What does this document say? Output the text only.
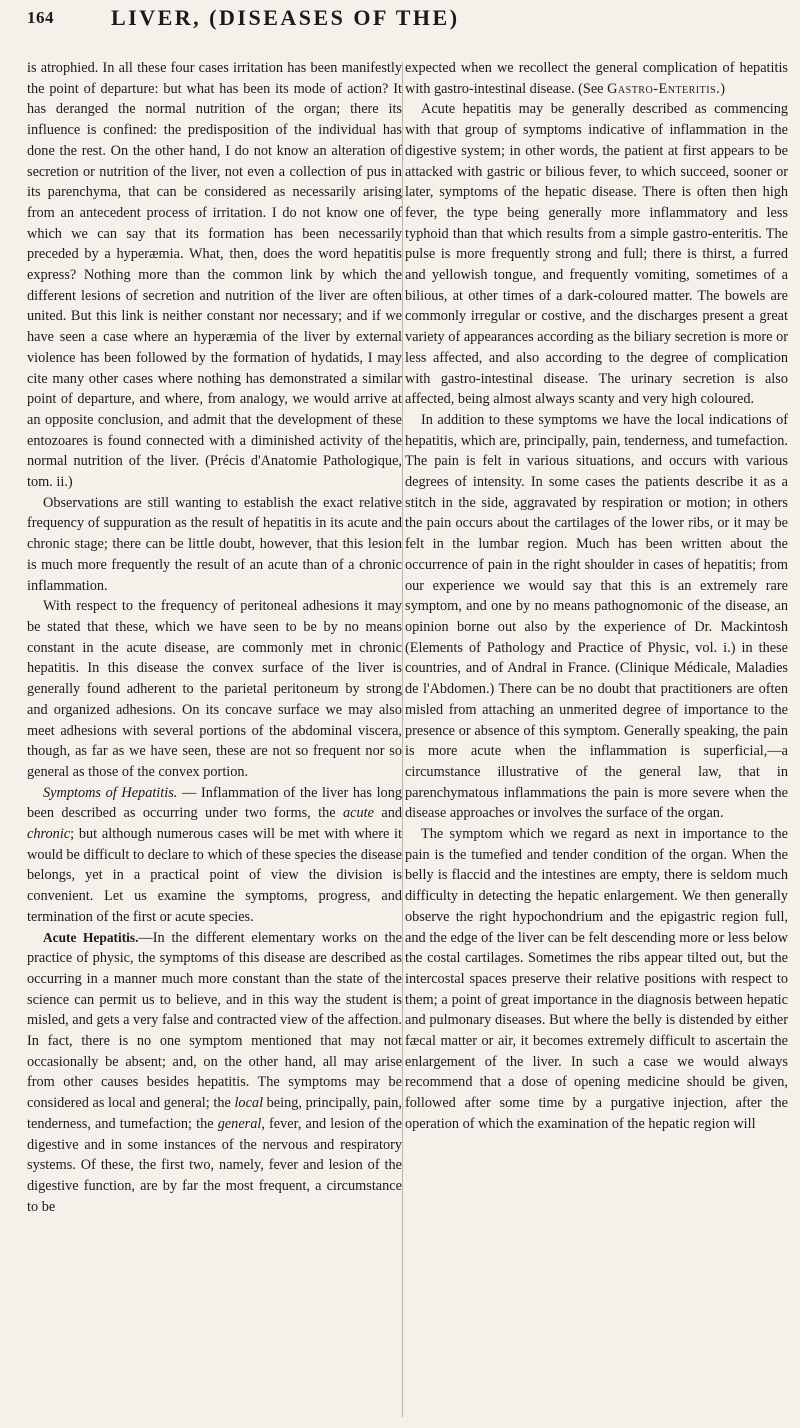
164	LIVER, (DISEASES OF THE)

is atrophied. In all these four cases irritation has been manifestly the point of departure: but what has been its mode of action? It has deranged the normal nutrition of the organ; there its influence is confined: the predisposition of the individual has done the rest. On the other hand, I do not know an alteration of secretion or nutrition of the liver, not even a collection of pus in its parenchyma, that can be considered as necessarily arising from an antecedent process of irritation. I do not know one of which we can say that its formation has been necessarily preceded by a hyperæmia. What, then, does the word hepatitis express? Nothing more than the common link by which the different lesions of secretion and nutrition of the liver are often united. But this link is neither constant nor necessary; and if we have seen a case where an hyperæmia of the liver by external violence has been followed by the formation of hydatids, I may cite many other cases where nothing has demonstrated a similar point of departure, and where, from analogy, we would arrive at an opposite conclusion, and admit that the development of these entozoares is found connected with a diminished activity of the normal nutrition of the liver. (Précis d'Anatomie Pathologique, tom. ii.)

Observations are still wanting to establish the exact relative frequency of suppuration as the result of hepatitis in its acute and chronic stage; there can be little doubt, however, that this lesion is much more frequently the result of an acute than of a chronic inflammation.

With respect to the frequency of peritoneal adhesions it may be stated that these, which we have seen to be by no means constant in the acute disease, are commonly met in chronic hepatitis. In this disease the convex surface of the liver is generally found adherent to the parietal peritoneum by strong and organized adhesions. On its concave surface we may also meet adhesions with several portions of the abdominal viscera, though, as far as we have seen, these are not so frequent nor so general as those of the convex portion.

Symptoms of Hepatitis. — Inflammation of the liver has long been described as occurring under two forms, the acute and chronic; but although numerous cases will be met with where it would be difficult to declare to which of these species the disease belongs, yet in a practical point of view the division is convenient. Let us examine the symptoms, progress, and termination of the first or acute species.

Acute Hepatitis.—In the different elementary works on the practice of physic, the symptoms of this disease are described as occurring in a manner much more constant than the state of the science can permit us to believe, and in this way the student is misled, and gets a very false and contracted view of the affection. In fact, there is no one symptom mentioned that may not occasionally be absent; and, on the other hand, all may arise from other causes besides hepatitis. The symptoms may be considered as local and general; the local being, principally, pain, tenderness, and tumefaction; the general, fever, and lesion of the digestive and in some instances of the nervous and respiratory systems. Of these, the first two, namely, fever and lesion of the digestive function, are by far the most frequent, a circumstance to be

expected when we recollect the general complication of hepatitis with gastro-intestinal disease. (See Gastro-Enteritis.)

Acute hepatitis may be generally described as commencing with that group of symptoms indicative of inflammation in the digestive system; in other words, the patient at first appears to be attacked with gastric or bilious fever, to which succeed, sooner or later, symptoms of the hepatic disease. There is often then high fever, the type being generally more inflammatory and less typhoid than that which results from a simple gastro-enteritis. The pulse is more frequently strong and full; there is thirst, a furred and yellowish tongue, and frequently vomiting, sometimes of a bilious, at other times of a dark-coloured matter. The bowels are commonly irregular or costive, and the discharges present a great variety of appearances according as the biliary secretion is more or less affected, and also according to the degree of complication with gastro-intestinal disease. The urinary secretion is also affected, being almost always scanty and very high coloured.

In addition to these symptoms we have the local indications of hepatitis, which are, principally, pain, tenderness, and tumefaction. The pain is felt in various situations, and occurs with various degrees of intensity. In some cases the patients describe it as a stitch in the side, aggravated by respiration or motion; in others the pain occurs about the cartilages of the lower ribs, or it may be felt in the lumbar region. Much has been written about the occurrence of pain in the right shoulder in cases of hepatitis; from our experience we would say that this is an extremely rare symptom, and one by no means pathognomonic of the disease, an opinion borne out also by the experience of Dr. Mackintosh (Elements of Pathology and Practice of Physic, vol. i.) in these countries, and of Andral in France. (Clinique Médicale, Maladies de l'Abdomen.) There can be no doubt that practitioners are often misled from attaching an unmerited degree of importance to the presence or absence of this symptom. Generally speaking, the pain is more acute when the inflammation is superficial,—a circumstance illustrative of the general law, that in parenchymatous inflammations the pain is more severe when the disease approaches or involves the surface of the organ.

The symptom which we regard as next in importance to the pain is the tumefied and tender condition of the organ. When the belly is flaccid and the intestines are empty, there is seldom much difficulty in detecting the hepatic enlargement. We then generally observe the right hypochondrium and the epigastric region full, and the edge of the liver can be felt descending more or less below the costal cartilages. Sometimes the ribs appear tilted out, but the intercostal spaces preserve their relative positions with respect to them; a point of great importance in the diagnosis between hepatic and pulmonary diseases. But where the belly is distended by either fæcal matter or air, it becomes extremely difficult to ascertain the enlargement of the liver. In such a case we would always recommend that a dose of opening medicine should be given, followed after some time by a purgative injection, after the operation of which the examination of the hepatic region will
